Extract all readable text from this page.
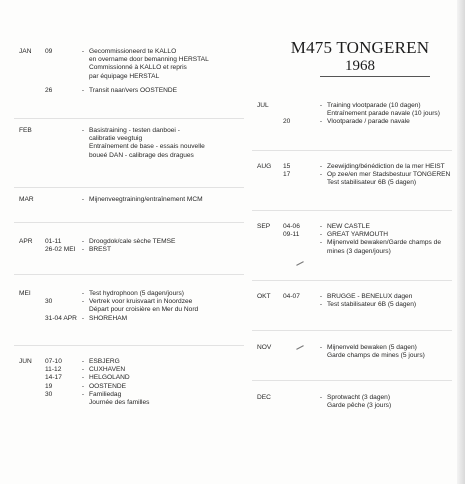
M475 TONGEREN
1968
JAN	09	- Gecommissioneerd te KALLO
en overname door bemanning HERSTAL
Commissionné à KALLO et repris
par équipage HERSTAL
26	- Transit naar/vers OOSTENDE
FEB	- Basistraining - testen danboei -
calibratie veegtuig
Entraînement de base - essais nouvelle
boueé DAN - calibrage des dragues
MAR	- Mijnenveegtraining/entraînement MCM
APR	01-11	- Droogdok/cale sèche TEMSE
26-02 MEI - BREST
MEI	- Test hydrophoon (5 dagen/jours)
30	- Vertrek voor kruisvaart in Noordzee
Départ pour croisière en Mer du Nord
31-04 APR - SHOREHAM
JUN	07-10	- ESBJERG
11-12	- CUXHAVEN
14-17	- HELGOLAND
19	- OOSTENDE
30	- Familiedag
Journée des familles
JUL	- Training vlootparade (10 dagen)
Entraînement parade navale (10 jours)
20	- Vlootparade / parade navale
AUG	15	- Zeewijding/bénédiction de la mer HEIST
17	- Op zee/en mer Stadsbestuur TONGEREN
Test stabilisateur 6B (5 dagen)
SEP	04-06	- NEW CASTLE
09-11	- GREAT YARMOUTH
- Mijnenveld bewaken/Garde champs de
mines (3 dagen/jours)
OKT	04-07	- BRUGGE - BENELUX dagen
- Test stabilisateur 6B (5 dagen)
NOV	- Mijnenveld bewaken (5 dagen)
Garde champs de mines (5 jours)
DEC	- Sprotwacht (3 dagen)
Garde pêche (3 jours)
